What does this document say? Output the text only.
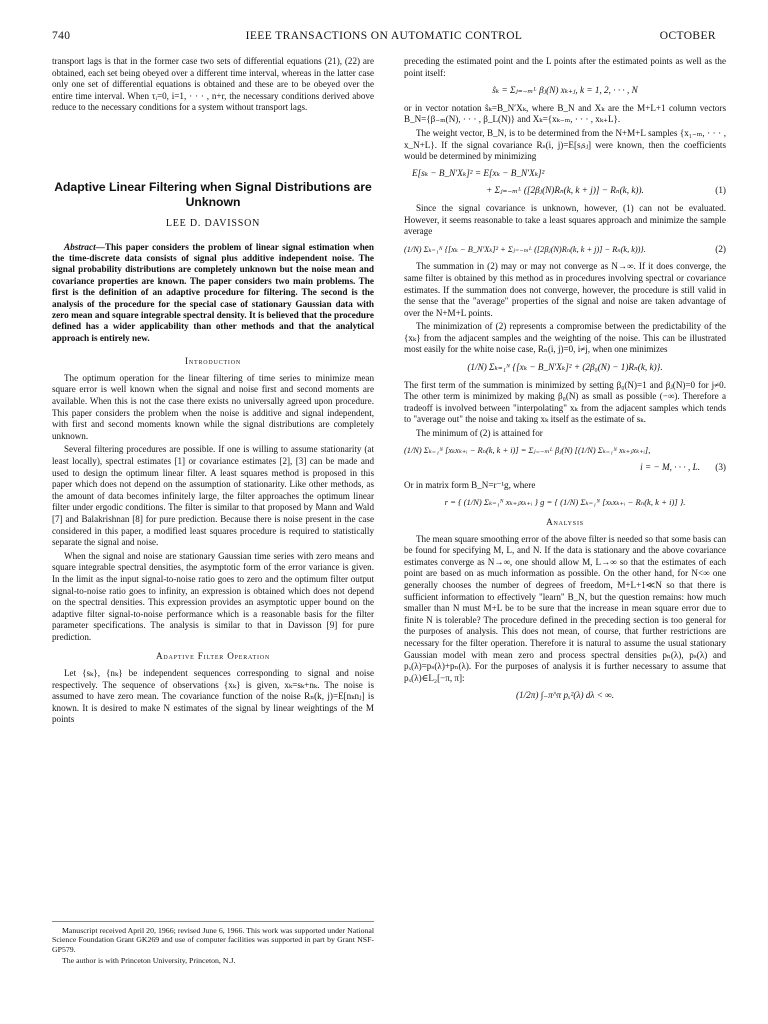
740	IEEE TRANSACTIONS ON AUTOMATIC CONTROL	OCTOBER

transport lags is that in the former case two sets of differential equations (21), (22) are obtained, each set being obeyed over a different time interval, whereas in the latter case only one set of differential equations is obtained and these are to be obeyed over the entire time interval. When τᵢ=0, i=1, · · · , n+r, the necessary conditions derived above reduce to the necessary conditions for a system without transport lags.

Adaptive Linear Filtering when Signal Distributions are Unknown
LEE D. DAVISSON

Abstract—This paper considers the problem of linear signal estimation when the time-discrete data consists of signal plus additive independent noise. The signal probability distributions are completely unknown but the noise mean and covariance properties are known. The paper considers two main problems. The first is the definition of an adaptive procedure for filtering. The second is the analysis of the procedure for the special case of stationary Gaussian data with zero mean and square integrable spectral density. It is believed that the procedure defined has a wider applicability than other methods and that the analytical approach is entirely new.

Introduction

The optimum operation for the linear filtering of time series to minimize mean square error is well known when the signal and noise first and second moments are available. When this is not the case there exists no universally agreed upon procedure. This paper considers the problem when the noise is additive and signal independent, with first and second moments known while the signal distributions are completely unknown.

Several filtering procedures are possible. If one is willing to assume stationarity (at least locally), spectral estimates [1] or covariance estimates [2], [3] can be made and used to design the optimum linear filter. A least squares method is proposed in this paper which does not depend on the assumption of stationarity. Like other methods, as the amount of data becomes infinitely large, the filter approaches the optimum linear filter under ergodic conditions. The filter is similar to that proposed by Mann and Wald [7] and Balakrishnan [8] for pure prediction. Because there is noise present in the case considered in this paper, a modified least squares procedure is required to statistically separate the signal and noise.

When the signal and noise are stationary Gaussian time series with zero means and square integrable spectral densities, the asymptotic form of the error variance is given. In the limit as the input signal-to-noise ratio goes to zero and the optimum filter output signal-to-noise ratio goes to infinity, an expression is obtained which does not depend on the spectral densities. This expression provides an asymptotic upper bound on the adaptive filter signal-to-noise performance which is a reasonable basis for the filter parameter specifications. The analysis is similar to that in Davisson [9] for pure prediction.

Adaptive Filter Operation

Let {sₖ}, {nₖ} be independent sequences corresponding to signal and noise respectively. The sequence of observations {xₖ} is given, xₖ=sₖ+nₖ. The noise is assumed to have zero mean. The covariance function of the noise Rₙ(k, j)=E[nₖnⱼ] is known. It is desired to make N estimates of the signal by linear weightings of the M points

Manuscript received April 20, 1966; revised June 6, 1966. This work was supported under National Science Foundation Grant GK269 and use of computer facilities was supported in part by Grant NSF-GP579.

The author is with Princeton University, Princeton, N.J.

preceding the estimated point and the L points after the estimated points as well as the point itself:

ŝₖ = Σⱼ₌₋ₘᴸ βⱼ(N) xₖ₊ⱼ, k = 1, 2, · · · , N

or in vector notation ŝₖ=B_N′Xₖ, where B_N and Xₖ are the M+L+1 column vectors B_N={β₋ₘ(N), · · · , β_L(N)} and Xₖ={xₖ₋ₘ, · · · , xₖ₊L}.

The weight vector, B_N, is to be determined from the N+M+L samples {x₁₋ₘ, · · · , x_N+L}. If the signal covariance Rₛ(i, j)=E[sᵢsⱼ] were known, then the coefficients would be determined by minimizing

E[sₖ − B_N′Xₖ]² = E[xₖ − B_N′Xₖ]²
+ Σⱼ₌₋ₘᴸ ([2βⱼ(N)Rₙ(k, k + j)] − Rₙ(k, k)).	(1)

Since the signal covariance is unknown, however, (1) can not be evaluated. However, it seems reasonable to take a least squares approach and minimize the sample average

(1/N) Σₖ₌₁ᴺ {[xₖ − B_N′Xₖ]² + Σⱼ₌₋ₘᴸ ([2βⱼ(N)Rₙ(k, k + j)] − Rₙ(k, k))}.	(2)

The summation in (2) may or may not converge as N→∞. If it does converge, the same filter is obtained by this method as in procedures involving spectral or covariance estimates. If the summation does not converge, however, the procedure is still valid in the sense that the "average" properties of the signal and noise are taken advantage of over the N+M+L points.

The minimization of (2) represents a compromise between the predictability of the {xₖ} from the adjacent samples and the weighting of the noise. This can be illustrated most easily for the white noise case, Rₙ(i, j)=0, i≠j, when one minimizes

(1/N) Σₖ₌₁ᴺ {[xₖ − B_N′Xₖ]² + (2β₀(N) − 1)Rₙ(k, k)}.

The first term of the summation is minimized by setting β₀(N)=1 and βⱼ(N)=0 for j≠0. The other term is minimized by making β₀(N) as small as possible (−∞). Therefore a tradeoff is involved between "interpolating" xₖ from the adjacent samples which tends to "average out" the noise and taking xₖ itself as the estimate of sₖ.

The minimum of (2) is attained for

(1/N) Σₖ₌₁ᴺ [xₖxₖ₊ᵢ − Rₙ(k, k + i)] = Σⱼ₌₋ₘᴸ βⱼ(N) [(1/N) Σₖ₌₁ᴺ xₖ₊ⱼxₖ₊ᵢ],
i = − M, · · · , L. (3)

Or in matrix form B_N=r⁻¹g, where

r = { (1/N) Σₖ₌₁ᴺ xₖ₊ⱼxₖ₊ᵢ } g = { (1/N) Σₖ₌₁ᴺ [xₖxₖ₊ᵢ − Rₙ(k, k + i)] }.
Analysis

The mean square smoothing error of the above filter is needed so that some basis can be found for specifying M, L, and N. If the data is stationary and the above covariance estimates converge as N→∞, one should allow M, L→∞ so that the estimates of each point are based on as much information as possible. On the other hand, for N<∞ one generally chooses the number of degrees of freedom, M+L+1≪N so that there is sufficient information to effectively "learn" B_N, but the question remains: how much smaller than N must M+L be to be sure that the increase in mean square error due to finite N is tolerable? The procedure defined in the preceding section is too general for the purposes of analysis. This does not mean, of course, that further restrictions are necessary for the filter operation. Therefore it is natural to assume the usual stationary Gaussian model with mean zero and process spectral densities pₙ(λ), pₛ(λ) and pₓ(λ)=pₛ(λ)+pₙ(λ). For the purposes of analysis it is further necessary to assume that pₓ(λ)∈L₂[−π, π]:

(1/2π) ∫₋π^π pₓ²(λ) dλ < ∞.
